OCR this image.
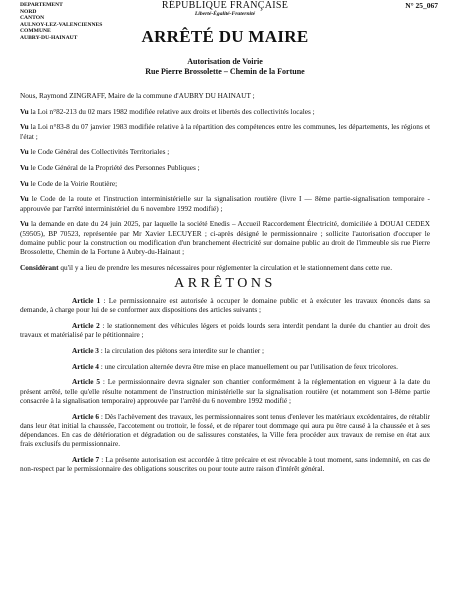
DEPARTEMENT
NORD
CANTON
AULNOY-LEZ-VALENCIENNES
COMMUNE
AUBRY-DU-HAINAUT
RÉPUBLIQUE FRANÇAISE
Liberté-Égalité-Fraternité
N° 25_067
ARRÊTÉ DU MAIRE
Autorisation de Voirie
Rue Pierre Brossolette – Chemin de la Fortune

Nous, Raymond ZINGRAFF, Maire de la commune d'AUBRY DU HAINAUT ;

Vu la Loi n°82-213 du 02 mars 1982 modifiée relative aux droits et libertés des collectivités locales ;

Vu la Loi n°83-8 du 07 janvier 1983 modifiée relative à la répartition des compétences entre les communes, les départements, les régions et l'état ;

Vu le Code Général des Collectivités Territoriales ;

Vu le Code Général de la Propriété des Personnes Publiques ;

Vu le Code de la Voirie Routière;

Vu le Code de la route et l'instruction interministérielle sur la signalisation routière (livre I — 8ème partie-signalisation temporaire - approuvée par l'arrêté interministériel du 6 novembre 1992 modifié) ;

Vu la demande en date du 24 juin 2025, par laquelle la société Enedis – Accueil Raccordement Électricité, domiciliée à DOUAI CEDEX (59505), BP 70523, représentée par Mr Xavier LECUYER ; ci-après désigné le permissionnaire ; sollicite l'autorisation d'occuper le domaine public pour la construction ou modification d'un branchement électricité sur domaine public au droit de l'immeuble sis rue Pierre Brossolette, Chemin de la Fortune à Aubry-du-Hainaut ;

Considérant qu'il y a lieu de prendre les mesures nécessaires pour réglementer la circulation et le stationnement dans cette rue.

ARRÊTONS

Article 1 : Le permissionnaire est autorisée à occuper le domaine public et à exécuter les travaux énoncés dans sa demande, à charge pour lui de se conformer aux dispositions des articles suivants ;

Article 2 : le stationnement des véhicules légers et poids lourds sera interdit pendant la durée du chantier au droit des travaux et matérialisé par le pétitionnaire ;

Article 3 : la circulation des piétons sera interdite sur le chantier ;

Article 4 : une circulation alternée devra être mise en place manuellement ou par l'utilisation de feux tricolores.

Article 5 : Le permissionnaire devra signaler son chantier conformément à la réglementation en vigueur à la date du présent arrêté, telle qu'elle résulte notamment de l'instruction ministérielle sur la signalisation routière (et notamment son I-8ème partie consacrée à la signalisation temporaire) approuvée par l'arrêté du 6 novembre 1992 modifié ;

Article 6 : Dès l'achèvement des travaux, les permissionnaires sont tenus d'enlever les matériaux excédentaires, de rétablir dans leur état initial la chaussée, l'accotement ou trottoir, le fossé, et de réparer tout dommage qui aura pu être causé à la chaussée et à ses dépendances. En cas de détérioration et dégradation ou de salissures constatées, la Ville fera procéder aux travaux de remise en état aux frais exclusifs du permissionnaire.

Article 7 : La présente autorisation est accordée à titre précaire et est révocable à tout moment, sans indemnité, en cas de non-respect par le permissionnaire des obligations souscrites ou pour toute autre raison d'intérêt général.
